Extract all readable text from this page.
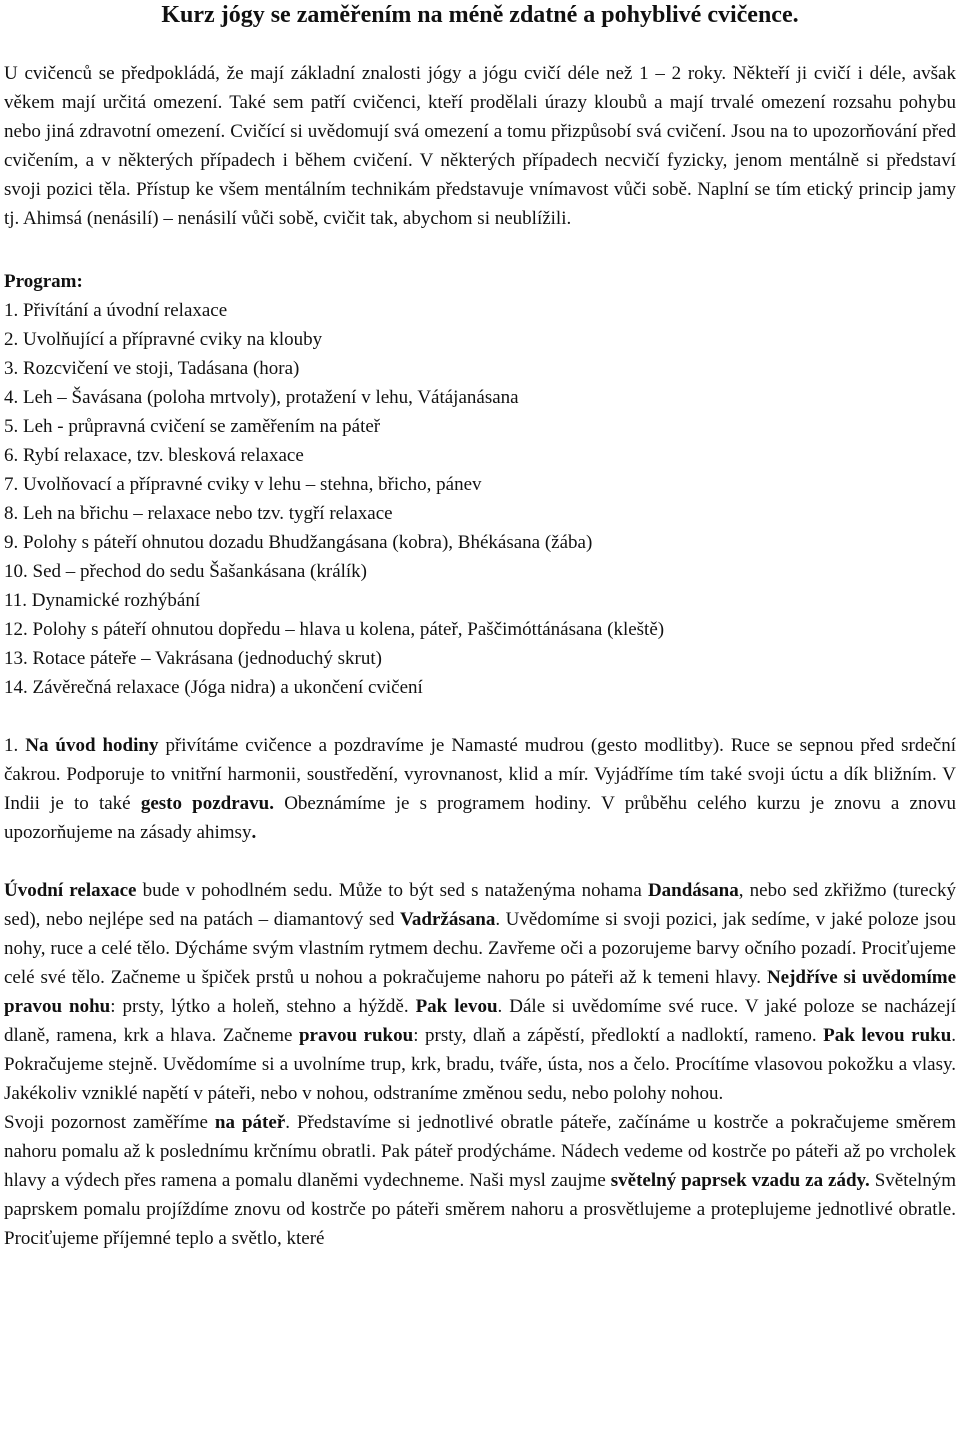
Kurz jógy se zaměřením na méně zdatné a pohyblivé cvičence.

U cvičenců se předpokládá, že mají základní znalosti jógy a jógu cvičí déle než 1 – 2 roky. Někteří ji cvičí i déle, avšak věkem mají určitá omezení. Také sem patří cvičenci, kteří prodělali úrazy kloubů a mají trvalé omezení rozsahu pohybu nebo jiná zdravotní omezení. Cvičící si uvědomují svá omezení a tomu přizpůsobí svá cvičení. Jsou na to upozorňování před cvičením, a v některých případech i během cvičení. V některých případech necvičí fyzicky, jenom mentálně si představí svoji pozici těla. Přístup ke všem mentálním technikám představuje vnímavost vůči sobě. Naplní se tím etický princip jamy tj. Ahimsá (nenásilí) – nenásilí vůči sobě, cvičit tak, abychom si neublížili.

Program:

1. Přivítání a úvodní relaxace
2. Uvolňující a přípravné cviky na klouby
3. Rozcvičení ve stoji, Tadásana (hora)
4. Leh – Šavásana (poloha mrtvoly), protažení v lehu, Vátájanásana
5. Leh - průpravná cvičení se zaměřením na páteř
6. Rybí relaxace, tzv. blesková relaxace
7. Uvolňovací a přípravné cviky v lehu – stehna, břicho, pánev
8. Leh na břichu – relaxace nebo tzv. tygří relaxace
9. Polohy s páteří ohnutou dozadu Bhudžangásana (kobra), Bhékásana (žába)
10. Sed – přechod do sedu Šašankásana (králík)
11. Dynamické rozhýbání
12. Polohy s páteří ohnutou dopředu – hlava u kolena, páteř, Paščimóttánásana (kleště)
13. Rotace páteře – Vakrásana (jednoduchý skrut)
14. Závěrečná relaxace (Jóga nidra) a ukončení cvičení

1. Na úvod hodiny přivítáme cvičence a pozdravíme je Namasté mudrou (gesto modlitby). Ruce se sepnou před srdeční čakrou. Podporuje to vnitřní harmonii, soustředění, vyrovnanost, klid a mír. Vyjádříme tím také svoji úctu a dík bližním. V Indii je to také gesto pozdravu. Obeznámíme je s programem hodiny. V průběhu celého kurzu je znovu a znovu upozorňujeme na zásady ahimsy.

Úvodní relaxace bude v pohodlném sedu. Může to být sed s nataženýma nohama Dandásana, nebo sed zkřižmo (turecký sed), nebo nejlépe sed na patách – diamantový sed Vadržásana. Uvědomíme si svoji pozici, jak sedíme, v jaké poloze jsou nohy, ruce a celé tělo. Dýcháme svým vlastním rytmem dechu. Zavřeme oči a pozorujeme barvy očního pozadí. Prociťujeme celé své tělo. Začneme u špiček prstů u nohou a pokračujeme nahoru po páteři až k temeni hlavy. Nejdříve si uvědomíme pravou nohu: prsty, lýtko a holeň, stehno a hýždě. Pak levou. Dále si uvědomíme své ruce. V jaké poloze se nacházejí dlaně, ramena, krk a hlava. Začneme pravou rukou: prsty, dlaň a zápěstí, předloktí a nadloktí, rameno. Pak levou ruku. Pokračujeme stejně. Uvědomíme si a uvolníme trup, krk, bradu, tváře, ústa, nos a čelo. Procítíme vlasovou pokožku a vlasy. Jakékoliv vzniklé napětí v páteři, nebo v nohou, odstraníme změnou sedu, nebo polohy nohou.

Svoji pozornost zaměříme na páteř. Představíme si jednotlivé obratle páteře, začínáme u kostrče a pokračujeme směrem nahoru pomalu až k poslednímu krčnímu obratli. Pak páteř prodýcháme. Nádech vedeme od kostrče po páteři až po vrcholek hlavy a výdech přes ramena a pomalu dlaněmi vydechneme. Naši mysl zaujme světelný paprsek vzadu za zády. Světelným paprskem pomalu projíždíme znovu od kostrče po páteři směrem nahoru a prosvětlujeme a proteplujeme jednotlivé obratle. Prociťujeme příjemné teplo a světlo, které
